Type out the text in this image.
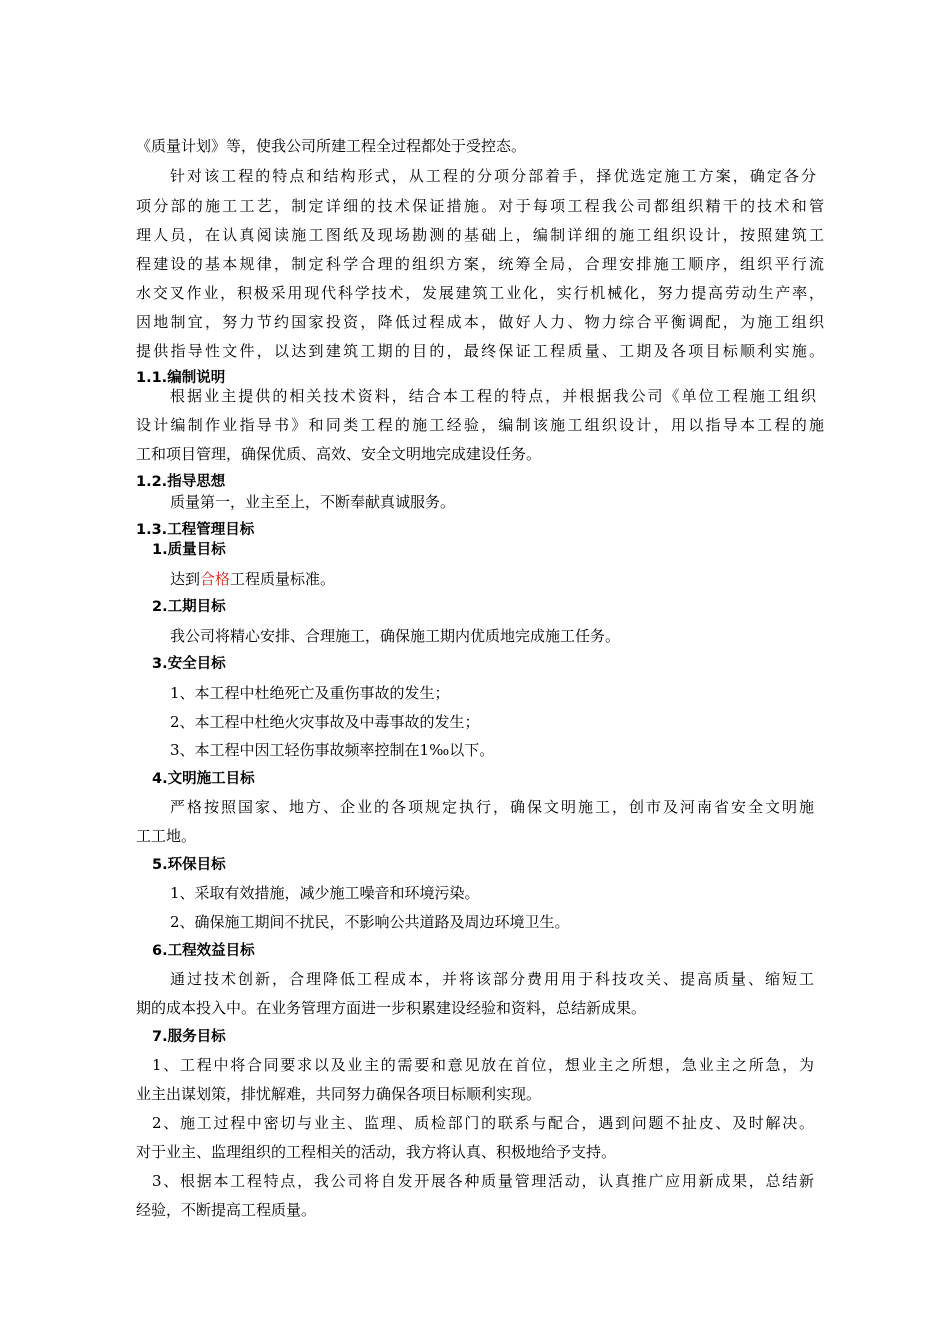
《质量计划》等，使我公司所建工程全过程都处于受控态。
针对该工程的特点和结构形式，从工程的分项分部着手，择优选定施工方案，确定各分
项分部的施工工艺，制定详细的技术保证措施。对于每项工程我公司都组织精干的技术和管
理人员，在认真阅读施工图纸及现场勘测的基础上，编制详细的施工组织设计，按照建筑工
程建设的基本规律，制定科学合理的组织方案，统筹全局，合理安排施工顺序，组织平行流
水交叉作业，积极采用现代科学技术，发展建筑工业化，实行机械化，努力提高劳动生产率，
因地制宜，努力节约国家投资，降低过程成本，做好人力、物力综合平衡调配，为施工组织
提供指导性文件，以达到建筑工期的目的，最终保证工程质量、工期及各项目标顺利实施。
1.1.编制说明
根据业主提供的相关技术资料，结合本工程的特点，并根据我公司《单位工程施工组织
设计编制作业指导书》和同类工程的施工经验，编制该施工组织设计，用以指导本工程的施
工和项目管理，确保优质、高效、安全文明地完成建设任务。
1.2.指导思想
质量第一，业主至上，不断奉献真诚服务。
1.3.工程管理目标
1.质量目标
达到合格工程质量标准。
2.工期目标
我公司将精心安排、合理施工，确保施工期内优质地完成施工任务。
3.安全目标
1、本工程中杜绝死亡及重伤事故的发生；
2、本工程中杜绝火灾事故及中毒事故的发生；
3、本工程中因工轻伤事故频率控制在1‰以下。
4.文明施工目标
严格按照国家、地方、企业的各项规定执行，确保文明施工，创市及河南省安全文明施
工工地。
5.环保目标
1、采取有效措施，减少施工噪音和环境污染。
2、确保施工期间不扰民，不影响公共道路及周边环境卫生。
6.工程效益目标
通过技术创新，合理降低工程成本，并将该部分费用用于科技攻关、提高质量、缩短工
期的成本投入中。在业务管理方面进一步积累建设经验和资料，总结新成果。
7.服务目标
1、工程中将合同要求以及业主的需要和意见放在首位，想业主之所想，急业主之所急，为
业主出谋划策，排忧解难，共同努力确保各项目标顺利实现。
2、施工过程中密切与业主、监理、质检部门的联系与配合，遇到问题不扯皮、及时解决。
对于业主、监理组织的工程相关的活动，我方将认真、积极地给予支持。
3、根据本工程特点，我公司将自发开展各种质量管理活动，认真推广应用新成果，总结新
经验，不断提高工程质量。
